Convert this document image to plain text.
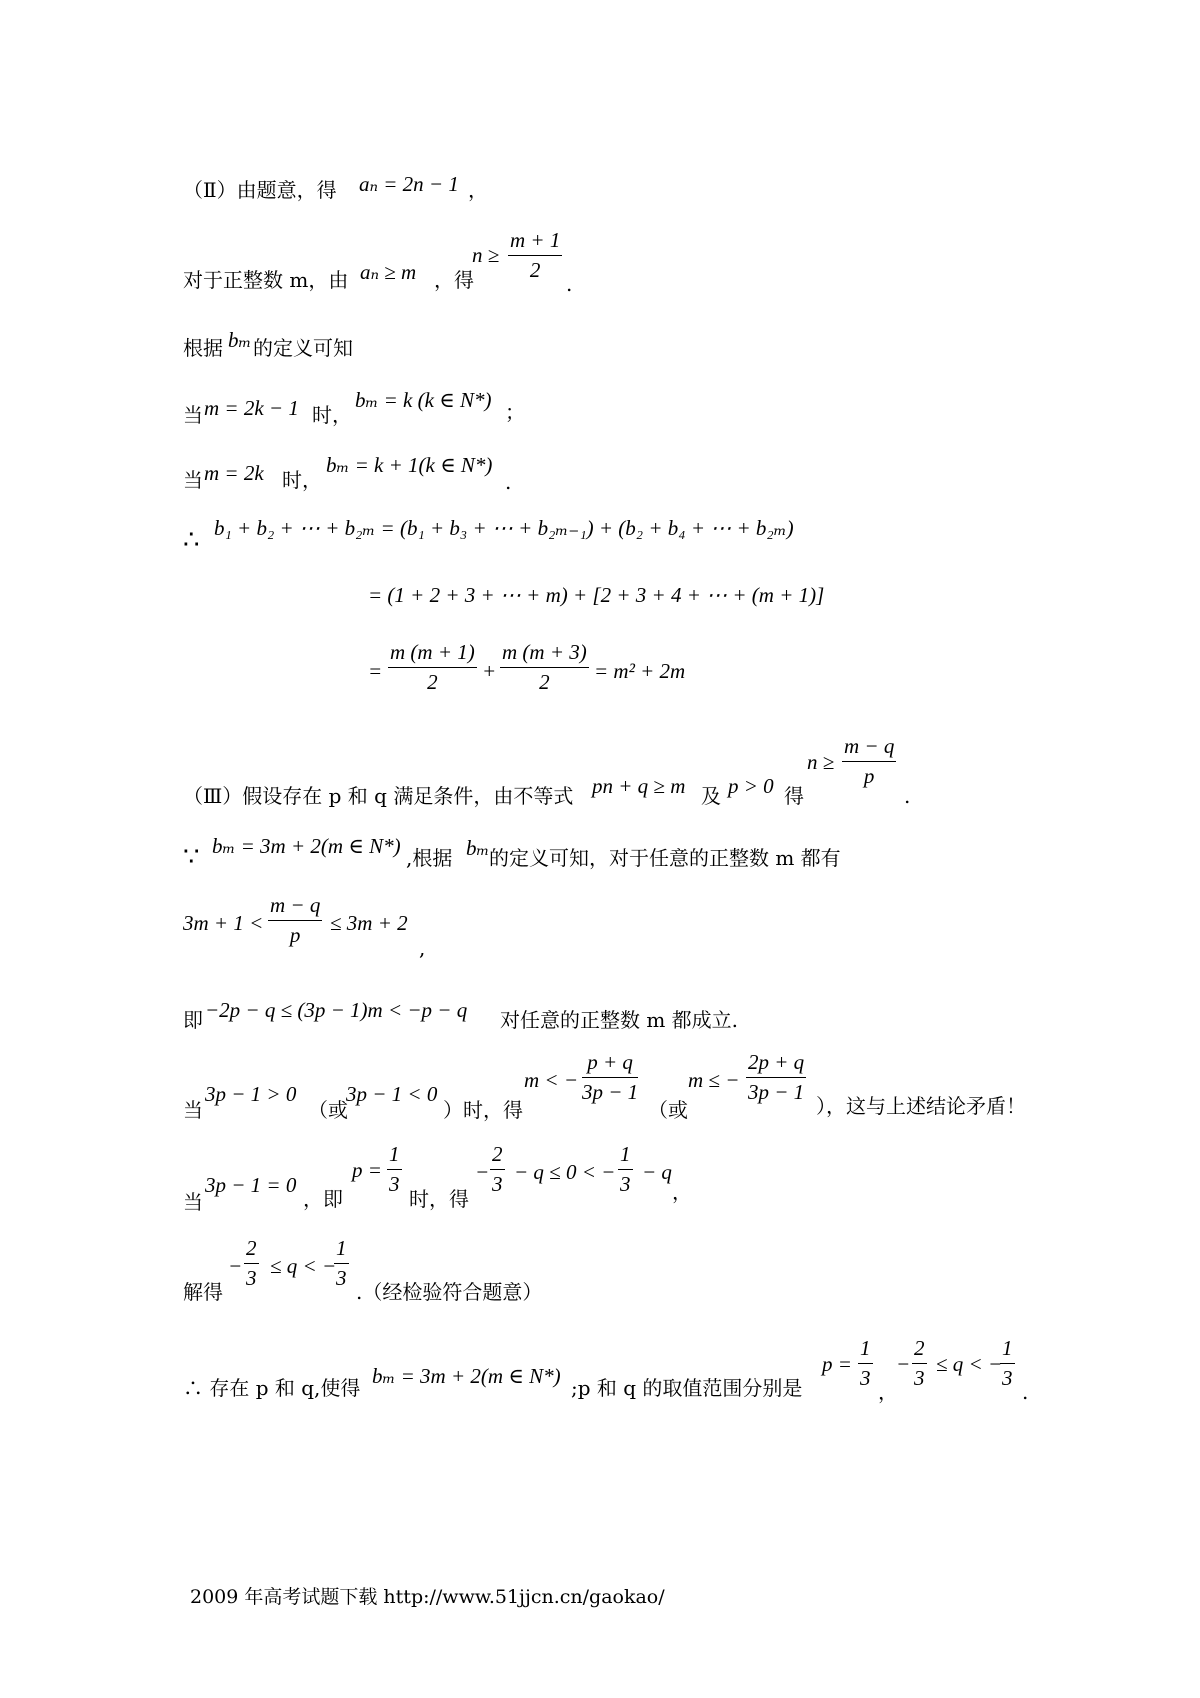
（Ⅱ）由题意，得 aₙ = 2n − 1 ，
对于正整数 m，由 aₙ ≥ m ，得
n ≥
m + 1
2
.
根据 bₘ 的定义可知
当 m = 2k − 1 时，
bₘ = k (k ∈ N*) ；
当 m = 2k 时，
bₘ = k + 1(k ∈ N*)
.
∴ b₁ + b₂ + ⋯ + b₂ₘ = (b₁ + b₃ + ⋯ + b₂ₘ₋₁) + (b₂ + b₄ + ⋯ + b₂ₘ)
= (1 + 2 + 3 + ⋯ + m) + [2 + 3 + 4 + ⋯ + (m + 1)]
=
m (m + 1)
2 +
m (m + 3)
2 = m² + 2m
（Ⅲ）假设存在 p 和 q 满足条件，由不等式 pn + q ≥ m 及 p > 0 得
n ≥
m − q
p
.
∵ bₘ = 3m + 2(m ∈ N*) ,根据 bₘ 的定义可知，对于任意的正整数 m 都有
3m + 1 <
m − q
p ≤ 3m + 2
,
即 −2p − q ≤ (3p − 1)m < −p − q 对任意的正整数 m 都成立.
当
3p − 1 > 0
（或
3p − 1 < 0
）时，得
m < −
p + q
3p − 1
（或
m ≤ −
2p + q
3p − 1
），这与上述结论矛盾！
当
3p − 1 = 0
，即
p =
1
3
时，得
−
2
3 − q ≤ 0 < −
1
3 − q
，
解得
−
2
3 ≤ q < −
1
3
.（经检验符合题意）
∴ 存在 p 和 q,使得 bₘ = 3m + 2(m ∈ N*) ;p 和 q 的取值范围分别是
p =
1
3
，
−
2
3
≤ q < −
1
3
.
2009 年高考试题下载 http://www.51jjcn.cn/gaokao/
